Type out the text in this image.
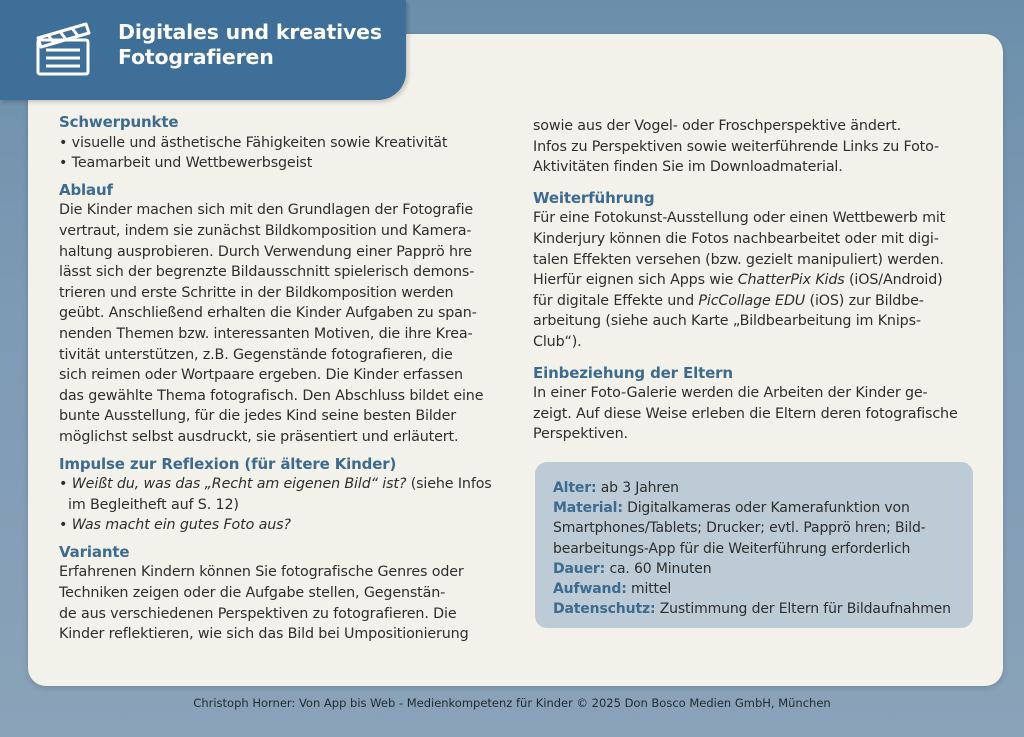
Digitales und kreatives
Fotografieren

Schwerpunkte

• visuelle und ästhetische Fähigkeiten sowie Kreativität
• Teamarbeit und Wettbewerbsgeist

Ablauf

Die Kinder machen sich mit den Grundlagen der Fotografie
vertraut, indem sie zunächst Bildkomposition und Kamera-
haltung ausprobieren. Durch Verwendung einer Papprö hre
lässt sich der begrenzte Bildausschnitt spielerisch demons-
trieren und erste Schritte in der Bildkomposition werden
geübt. Anschließend erhalten die Kinder Aufgaben zu span-
nenden Themen bzw. interessanten Motiven, die ihre Krea-
tivität unterstützen, z.B. Gegenstände fotografieren, die
sich reimen oder Wortpaare ergeben. Die Kinder erfassen
das gewählte Thema fotografisch. Den Abschluss bildet eine
bunte Ausstellung, für die jedes Kind seine besten Bilder
möglichst selbst ausdruckt, sie präsentiert und erläutert.

Impulse zur Reflexion (für ältere Kinder)

• Weißt du, was das „Recht am eigenen Bild“ ist? (siehe Infos
im Begleitheft auf S. 12)
• Was macht ein gutes Foto aus?

Variante

Erfahrenen Kindern können Sie fotografische Genres oder
Techniken zeigen oder die Aufgabe stellen, Gegenstän-
de aus verschiedenen Perspektiven zu fotografieren. Die
Kinder reflektieren, wie sich das Bild bei Umpositionierung

sowie aus der Vogel- oder Froschperspektive ändert.
Infos zu Perspektiven sowie weiterführende Links zu Foto-
Aktivitäten finden Sie im Downloadmaterial.

Weiterführung

Für eine Fotokunst-Ausstellung oder einen Wettbewerb mit
Kinderjury können die Fotos nachbearbeitet oder mit digi-
talen Effekten versehen (bzw. gezielt manipuliert) werden.
Hierfür eignen sich Apps wie ChatterPix Kids (iOS/Android)
für digitale Effekte und PicCollage EDU (iOS) zur Bildbe-
arbeitung (siehe auch Karte „Bildbearbeitung im Knips-
Club“).

Einbeziehung der Eltern

In einer Foto-Galerie werden die Arbeiten der Kinder ge-
zeigt. Auf diese Weise erleben die Eltern deren fotografische
Perspektiven.

Alter: ab 3 Jahren
Material: Digitalkameras oder Kamerafunktion von
Smartphones/Tablets; Drucker; evtl. Papprö hren; Bild-
bearbeitungs-App für die Weiterführung erforderlich
Dauer: ca. 60 Minuten
Aufwand: mittel
Datenschutz: Zustimmung der Eltern für Bildaufnahmen
Christoph Horner: Von App bis Web - Medienkompetenz für Kinder © 2025 Don Bosco Medien GmbH, München
